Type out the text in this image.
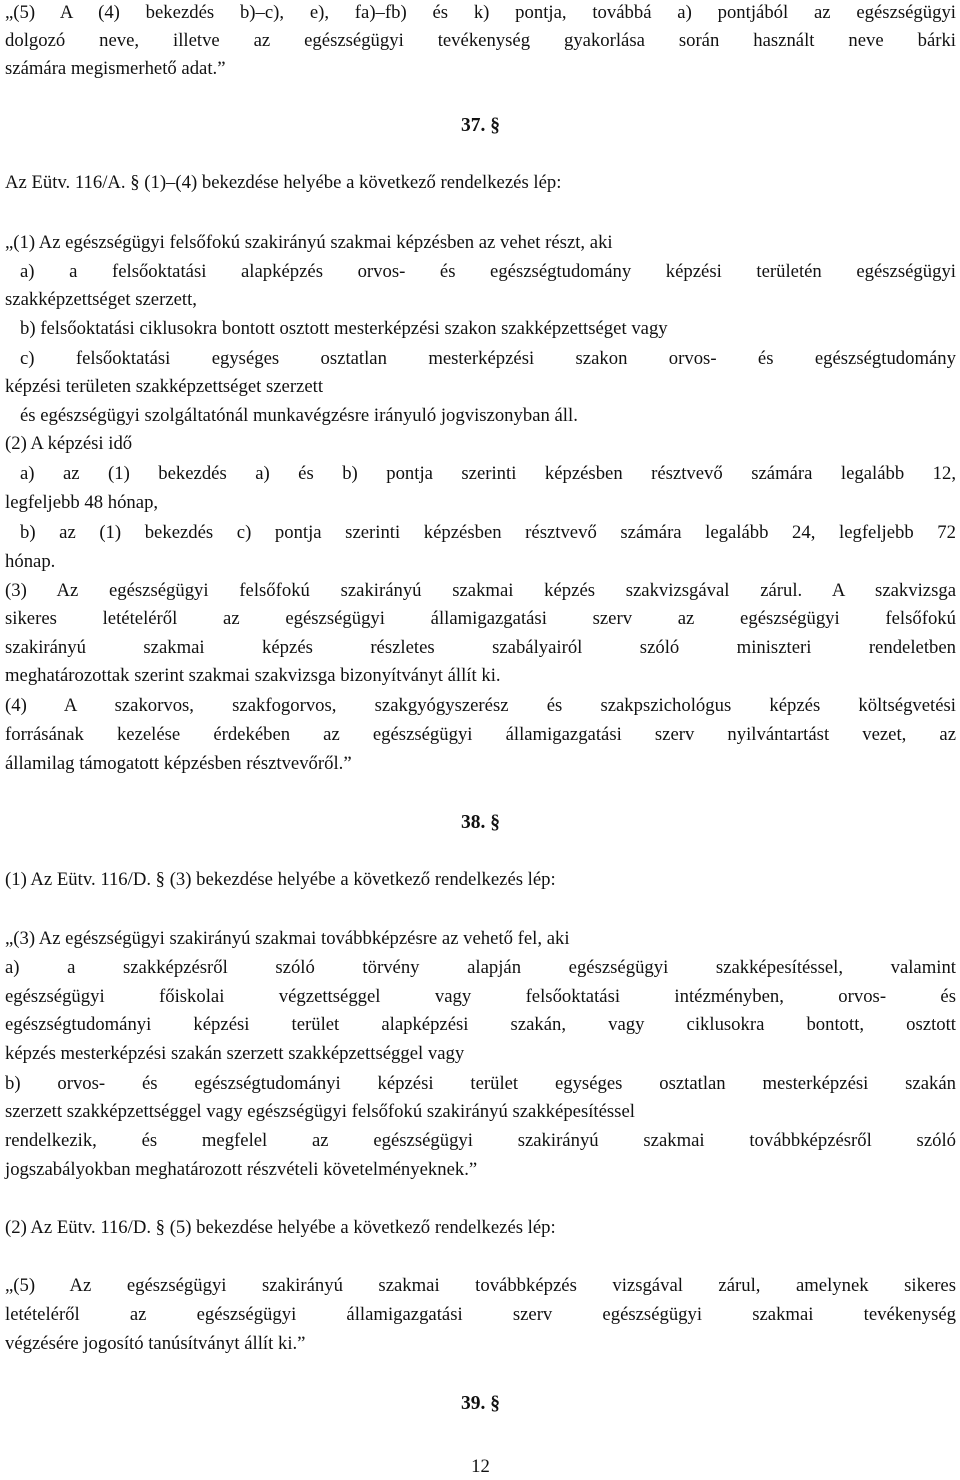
„(5) A (4) bekezdés b)–c), e), fa)–fb) és k) pontja, továbbá a) pontjából az egészségügyi
dolgozó neve, illetve az egészségügyi tevékenység gyakorlása során használt neve bárki
számára megismerhető adat.”
37. §
Az Eütv. 116/A. § (1)–(4) bekezdése helyébe a következő rendelkezés lép:
„(1) Az egészségügyi felsőfokú szakirányú szakmai képzésben az vehet részt, aki
a) a felsőoktatási alapképzés orvos- és egészségtudomány képzési területén egészségügyi
szakképzettséget szerzett,
b) felsőoktatási ciklusokra bontott osztott mesterképzési szakon szakképzettséget vagy
c) felsőoktatási egységes osztatlan mesterképzési szakon orvos- és egészségtudomány
képzési területen szakképzettséget szerzett
és egészségügyi szolgáltatónál munkavégzésre irányuló jogviszonyban áll.
(2) A képzési idő
a) az (1) bekezdés a) és b) pontja szerinti képzésben résztvevő számára legalább 12,
legfeljebb 48 hónap,
b) az (1) bekezdés c) pontja szerinti képzésben résztvevő számára legalább 24, legfeljebb 72
hónap.
(3) Az egészségügyi felsőfokú szakirányú szakmai képzés szakvizsgával zárul. A szakvizsga
sikeres letételéről az egészségügyi államigazgatási szerv az egészségügyi felsőfokú
szakirányú szakmai képzés részletes szabályairól szóló miniszteri rendeletben
meghatározottak szerint szakmai szakvizsga bizonyítványt állít ki.
(4) A szakorvos, szakfogorvos, szakgyógyszerész és szakpszichológus képzés költségvetési
forrásának kezelése érdekében az egészségügyi államigazgatási szerv nyilvántartást vezet, az
államilag támogatott képzésben résztvevőről.”
38. §
(1) Az Eütv. 116/D. § (3) bekezdése helyébe a következő rendelkezés lép:
„(3) Az egészségügyi szakirányú szakmai továbbképzésre az vehető fel, aki
a) a szakképzésről szóló törvény alapján egészségügyi szakképesítéssel, valamint
egészségügyi főiskolai végzettséggel vagy felsőoktatási intézményben, orvos- és
egészségtudományi képzési terület alapképzési szakán, vagy ciklusokra bontott, osztott
képzés mesterképzési szakán szerzett szakképzettséggel vagy
b) orvos- és egészségtudományi képzési terület egységes osztatlan mesterképzési szakán
szerzett szakképzettséggel vagy egészségügyi felsőfokú szakirányú szakképesítéssel
rendelkezik, és megfelel az egészségügyi szakirányú szakmai továbbképzésről szóló
jogszabályokban meghatározott részvételi követelményeknek.”
(2) Az Eütv. 116/D. § (5) bekezdése helyébe a következő rendelkezés lép:
„(5) Az egészségügyi szakirányú szakmai továbbképzés vizsgával zárul, amelynek sikeres
letételéről az egészségügyi államigazgatási szerv egészségügyi szakmai tevékenység
végzésére jogosító tanúsítványt állít ki.”
39. §
12
